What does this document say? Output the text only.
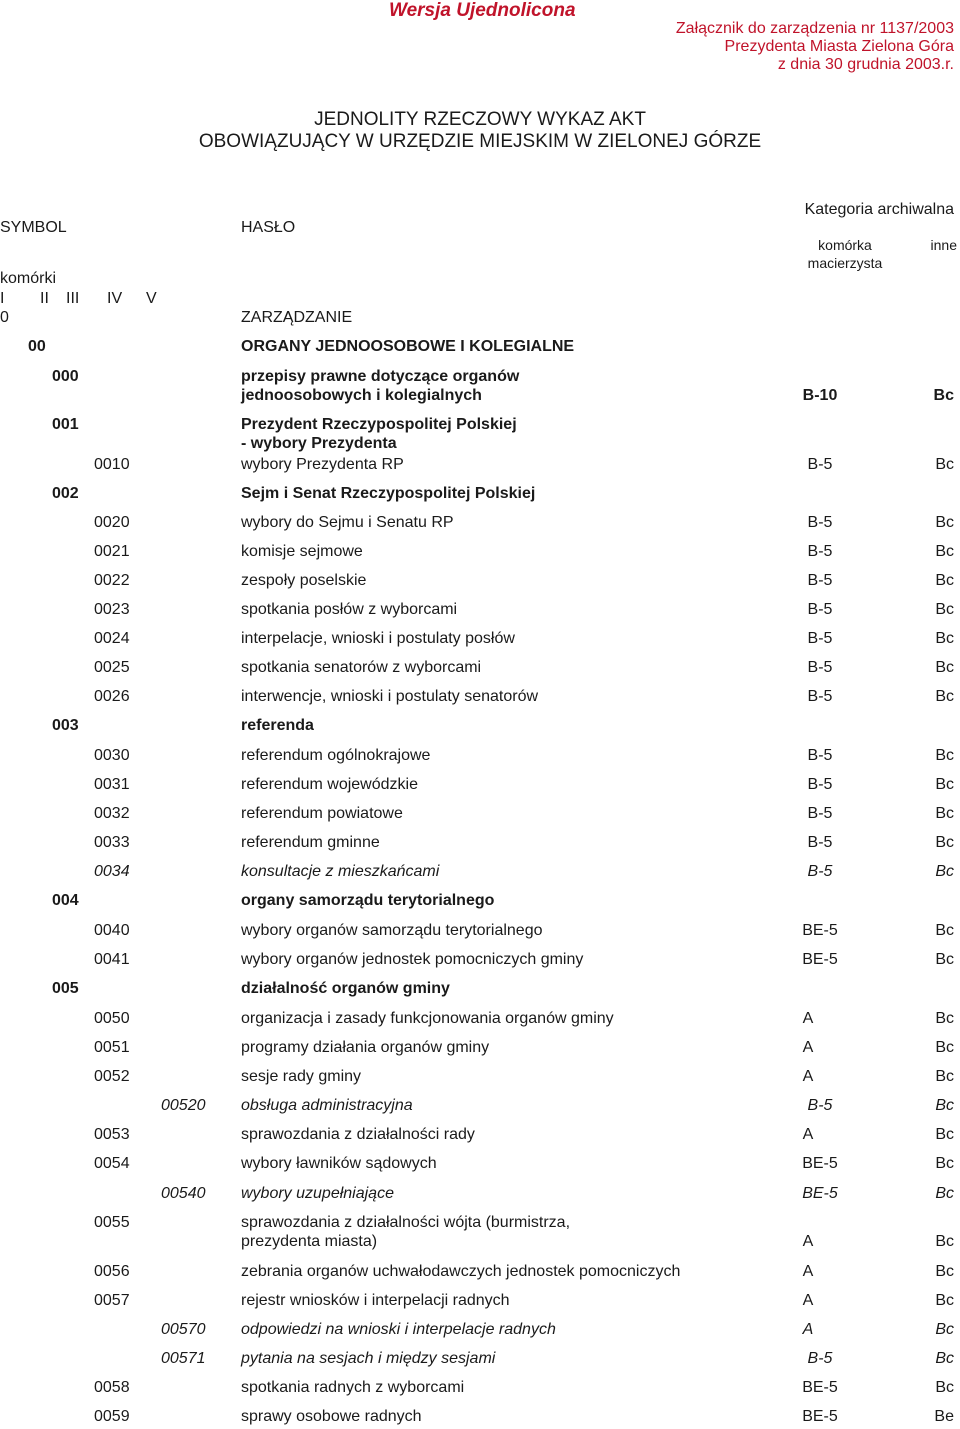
Wersja Ujednolicona
Załącznik do zarządzenia nr 1137/2003
Prezydenta Miasta Zielona Góra
z dnia 30 grudnia 2003.r.
JEDNOLITY RZECZOWY WYKAZ AKT
OBOWIĄZUJĄCY W URZĘDZIE MIEJSKIM W ZIELONEJ GÓRZE
SYMBOL	HASŁO
Kategoria archiwalna
komórka
macierzysta
inne
komórki
I II III IV V
0	ZARZĄDZANIE
00	ORGANY JEDNOOSOBOWE I KOLEGIALNE
000	przepisy prawne dotyczące organów
jednoosobowych i kolegialnych	B-10	Bc
001	Prezydent Rzeczypospolitej Polskiej
- wybory Prezydenta
0010	wybory Prezydenta RP	B-5	Bc
002	Sejm i Senat Rzeczypospolitej Polskiej
0020	wybory do Sejmu i Senatu RP	B-5	Bc
0021	komisje sejmowe	B-5	Bc
0022	zespoły poselskie	B-5	Bc
0023	spotkania posłów z wyborcami	B-5	Bc
0024	interpelacje, wnioski i postulaty posłów	B-5	Bc
0025	spotkania senatorów z wyborcami	B-5	Bc
0026	interwencje, wnioski i postulaty senatorów	B-5	Bc
003	referenda
0030	referendum ogólnokrajowe	B-5	Bc
0031	referendum wojewódzkie	B-5	Bc
0032	referendum powiatowe	B-5	Bc
0033	referendum gminne	B-5	Bc
0034	konsultacje z mieszkańcami	B-5	Bc
004	organy samorządu terytorialnego
0040	wybory organów samorządu terytorialnego	BE-5	Bc
0041	wybory organów jednostek pomocniczych gminy	BE-5	Bc
005	działalność organów gminy
0050	organizacja i zasady funkcjonowania organów gminy	A	Bc
0051	programy działania organów gminy	A	Bc
0052	sesje rady gminy	A	Bc
00520 obsługa administracyjna	B-5	Bc
0053	sprawozdania z działalności rady	A	Bc
0054	wybory ławników sądowych	BE-5	Bc
00540 wybory uzupełniające	BE-5	Bc
0055	sprawozdania z działalności wójta (burmistrza,
prezydenta miasta)	A	Bc
0056	zebrania organów uchwałodawczych jednostek pomocniczych	A	Bc
0057	rejestr wniosków i interpelacji radnych	A	Bc
00570 odpowiedzi na wnioski i interpelacje radnych	A	Bc
00571 pytania na sesjach i między sesjami	B-5	Bc
0058	spotkania radnych z wyborcami	BE-5	Bc
0059	sprawy osobowe radnych	BE-5	Be
